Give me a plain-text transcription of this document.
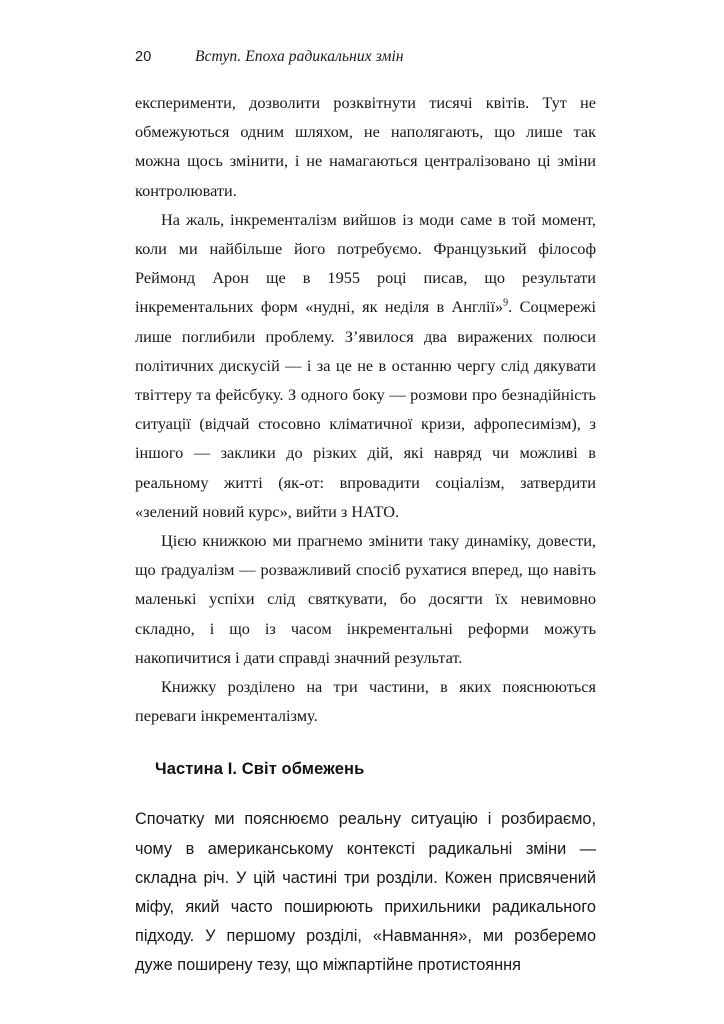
20	Вступ. Епоха радикальних змін

експерименти, дозволити розквітнути тисячі квітів. Тут не обмежуються одним шляхом, не наполягають, що лише так можна щось змінити, і не намагаються централізовано ці зміни контролювати.

На жаль, інкременталізм вийшов із моди саме в той момент, коли ми найбільше його потребуємо. Французький філософ Реймонд Арон ще в 1955 році писав, що результати інкрементальних форм «нудні, як неділя в Англії»$^9$. Соцмережі лише поглибили проблему. З’явилося два виражених полюси політичних дискусій — і за це не в останню чергу слід дякувати твіттеру та фейсбуку. З одного боку — розмови про безнадійність ситуації (відчай стосовно кліматичної кризи, афропесимізм), з іншого — заклики до різких дій, які навряд чи можливі в реальному житті (як-от: впровадити соціалізм, затвердити «зелений новий курс», вийти з НАТО.

Цією книжкою ми прагнемо змінити таку динаміку, довести, що ґрадуалізм — розважливий спосіб рухатися вперед, що навіть маленькі успіхи слід святкувати, бо досягти їх невимовно складно, і що із часом інкрементальні реформи можуть накопичитися і дати справді значний результат.

Книжку розділено на три частини, в яких пояснюються переваги інкременталізму.

Частина I. Світ обмежень

Спочатку ми пояснюємо реальну ситуацію і розбираємо, чому в американському контексті радикальні зміни — складна річ. У цій частині три розділи. Кожен присвячений міфу, який часто поширюють прихильники радикального підходу. У першому розділі, «Навмання», ми розберемо дуже поширену тезу, що міжпартійне протистояння
